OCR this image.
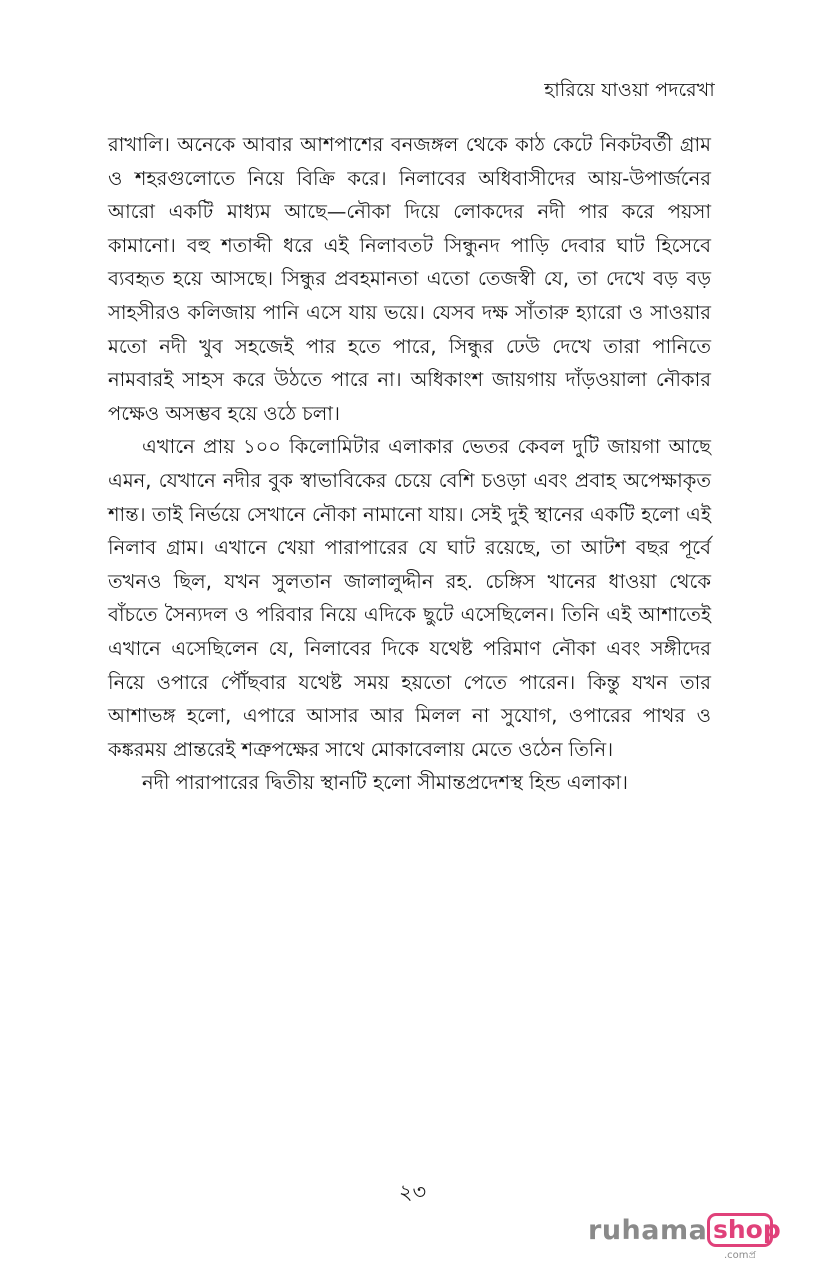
হারিয়ে যাওয়া পদরেখা

রাখালি। অনেকে আবার আশপাশের বনজঙ্গল থেকে কাঠ কেটে নিকটবর্তী গ্রাম ও শহরগুলোতে নিয়ে বিক্রি করে। নিলাবের অধিবাসীদের আয়-উপার্জনের আরো একটি মাধ্যম আছে—নৌকা দিয়ে লোকদের নদী পার করে পয়সা কামানো। বহু শতাব্দী ধরে এই নিলাবতট সিন্ধুনদ পাড়ি দেবার ঘাট হিসেবে ব্যবহৃত হয়ে আসছে। সিন্ধুর প্রবহমানতা এতো তেজস্বী যে, তা দেখে বড় বড় সাহসীরও কলিজায় পানি এসে যায় ভয়ে। যেসব দক্ষ সাঁতারু হ্যারো ও সাওয়ার মতো নদী খুব সহজেই পার হতে পারে, সিন্ধুর ঢেউ দেখে তারা পানিতে নামবারই সাহস করে উঠতে পারে না। অধিকাংশ জায়গায় দাঁড়ওয়ালা নৌকার পক্ষেও অসম্ভব হয়ে ওঠে চলা।

এখানে প্রায় ১০০ কিলোমিটার এলাকার ভেতর কেবল দুটি জায়গা আছে এমন, যেখানে নদীর বুক স্বাভাবিকের চেয়ে বেশি চওড়া এবং প্রবাহ অপেক্ষাকৃত শান্ত। তাই নির্ভয়ে সেখানে নৌকা নামানো যায়। সেই দুই স্থানের একটি হলো এই নিলাব গ্রাম। এখানে খেয়া পারাপারের যে ঘাট রয়েছে, তা আটশ বছর পূর্বে তখনও ছিল, যখন সুলতান জালালুদ্দীন রহ. চেঙ্গিস খানের ধাওয়া থেকে বাঁচতে সৈন্যদল ও পরিবার নিয়ে এদিকে ছুটে এসেছিলেন। তিনি এই আশাতেই এখানে এসেছিলেন যে, নিলাবের দিকে যথেষ্ট পরিমাণ নৌকা এবং সঙ্গীদের নিয়ে ওপারে পৌঁছবার যথেষ্ট সময় হয়তো পেতে পারেন। কিন্তু যখন তার আশাভঙ্গ হলো, এপারে আসার আর মিলল না সুযোগ, ওপারের পাথর ও কঙ্করময় প্রান্তরেই শত্রুপক্ষের সাথে মোকাবেলায় মেতে ওঠেন তিনি।

নদী পারাপারের দ্বিতীয় স্থানটি হলো সীমান্তপ্রদেশস্থ হিন্ড এলাকা।

২৩
ruhama shop
.comপ্র
